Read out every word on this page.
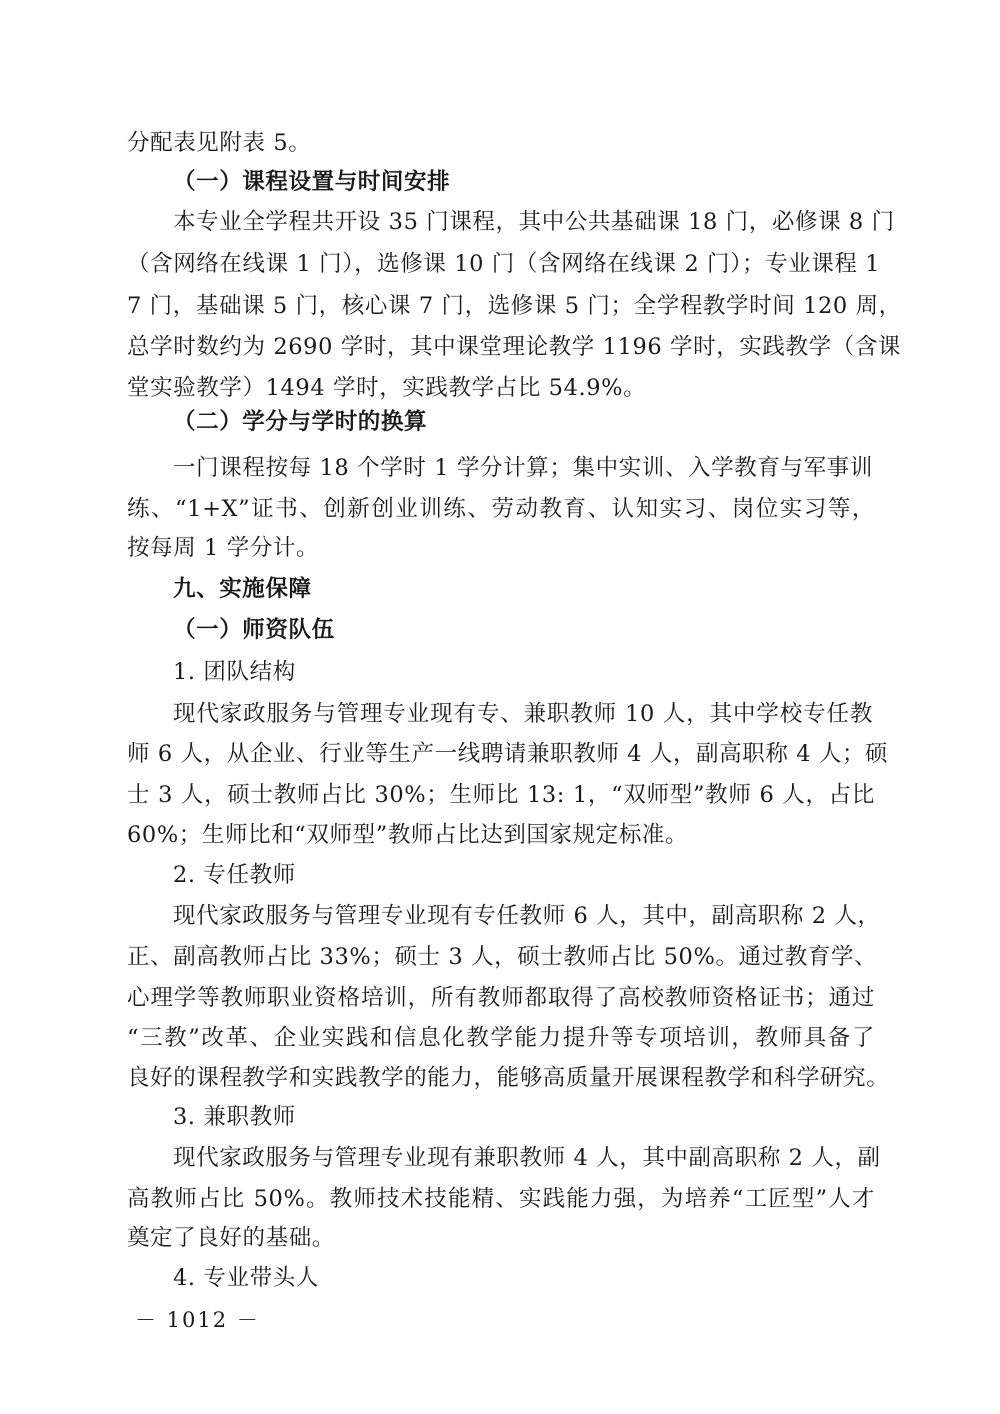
分配表见附表 5。
（一）课程设置与时间安排
本专业全学程共开设 35 门课程，其中公共基础课 18 门，必修课 8 门
（含网络在线课 1 门），选修课 10 门（含网络在线课 2 门）；专业课程 1
7 门，基础课 5 门，核心课 7 门，选修课 5 门；全学程教学时间 120 周，
总学时数约为 2690 学时，其中课堂理论教学 1196 学时，实践教学（含课
堂实验教学）1494 学时，实践教学占比 54.9%。
（二）学分与学时的换算
一门课程按每 18 个学时 1 学分计算；集中实训、入学教育与军事训
练、“1+X”证书、创新创业训练、劳动教育、认知实习、岗位实习等，
按每周 1 学分计。
九、实施保障
（一）师资队伍
1. 团队结构
现代家政服务与管理专业现有专、兼职教师 10 人，其中学校专任教
师 6 人，从企业、行业等生产一线聘请兼职教师 4 人，副高职称 4 人；硕
士 3 人，硕士教师占比 30%；生师比 13: 1，“双师型”教师 6 人，占比
60%；生师比和“双师型”教师占比达到国家规定标准。
2. 专任教师
现代家政服务与管理专业现有专任教师 6 人，其中，副高职称 2 人，
正、副高教师占比 33%；硕士 3 人，硕士教师占比 50%。通过教育学、
心理学等教师职业资格培训，所有教师都取得了高校教师资格证书；通过
“三教”改革、企业实践和信息化教学能力提升等专项培训，教师具备了
良好的课程教学和实践教学的能力，能够高质量开展课程教学和科学研究。
3. 兼职教师
现代家政服务与管理专业现有兼职教师 4 人，其中副高职称 2 人，副
高教师占比 50%。教师技术技能精、实践能力强，为培养“工匠型”人才
奠定了良好的基础。
4. 专业带头人
－ 1012 －
